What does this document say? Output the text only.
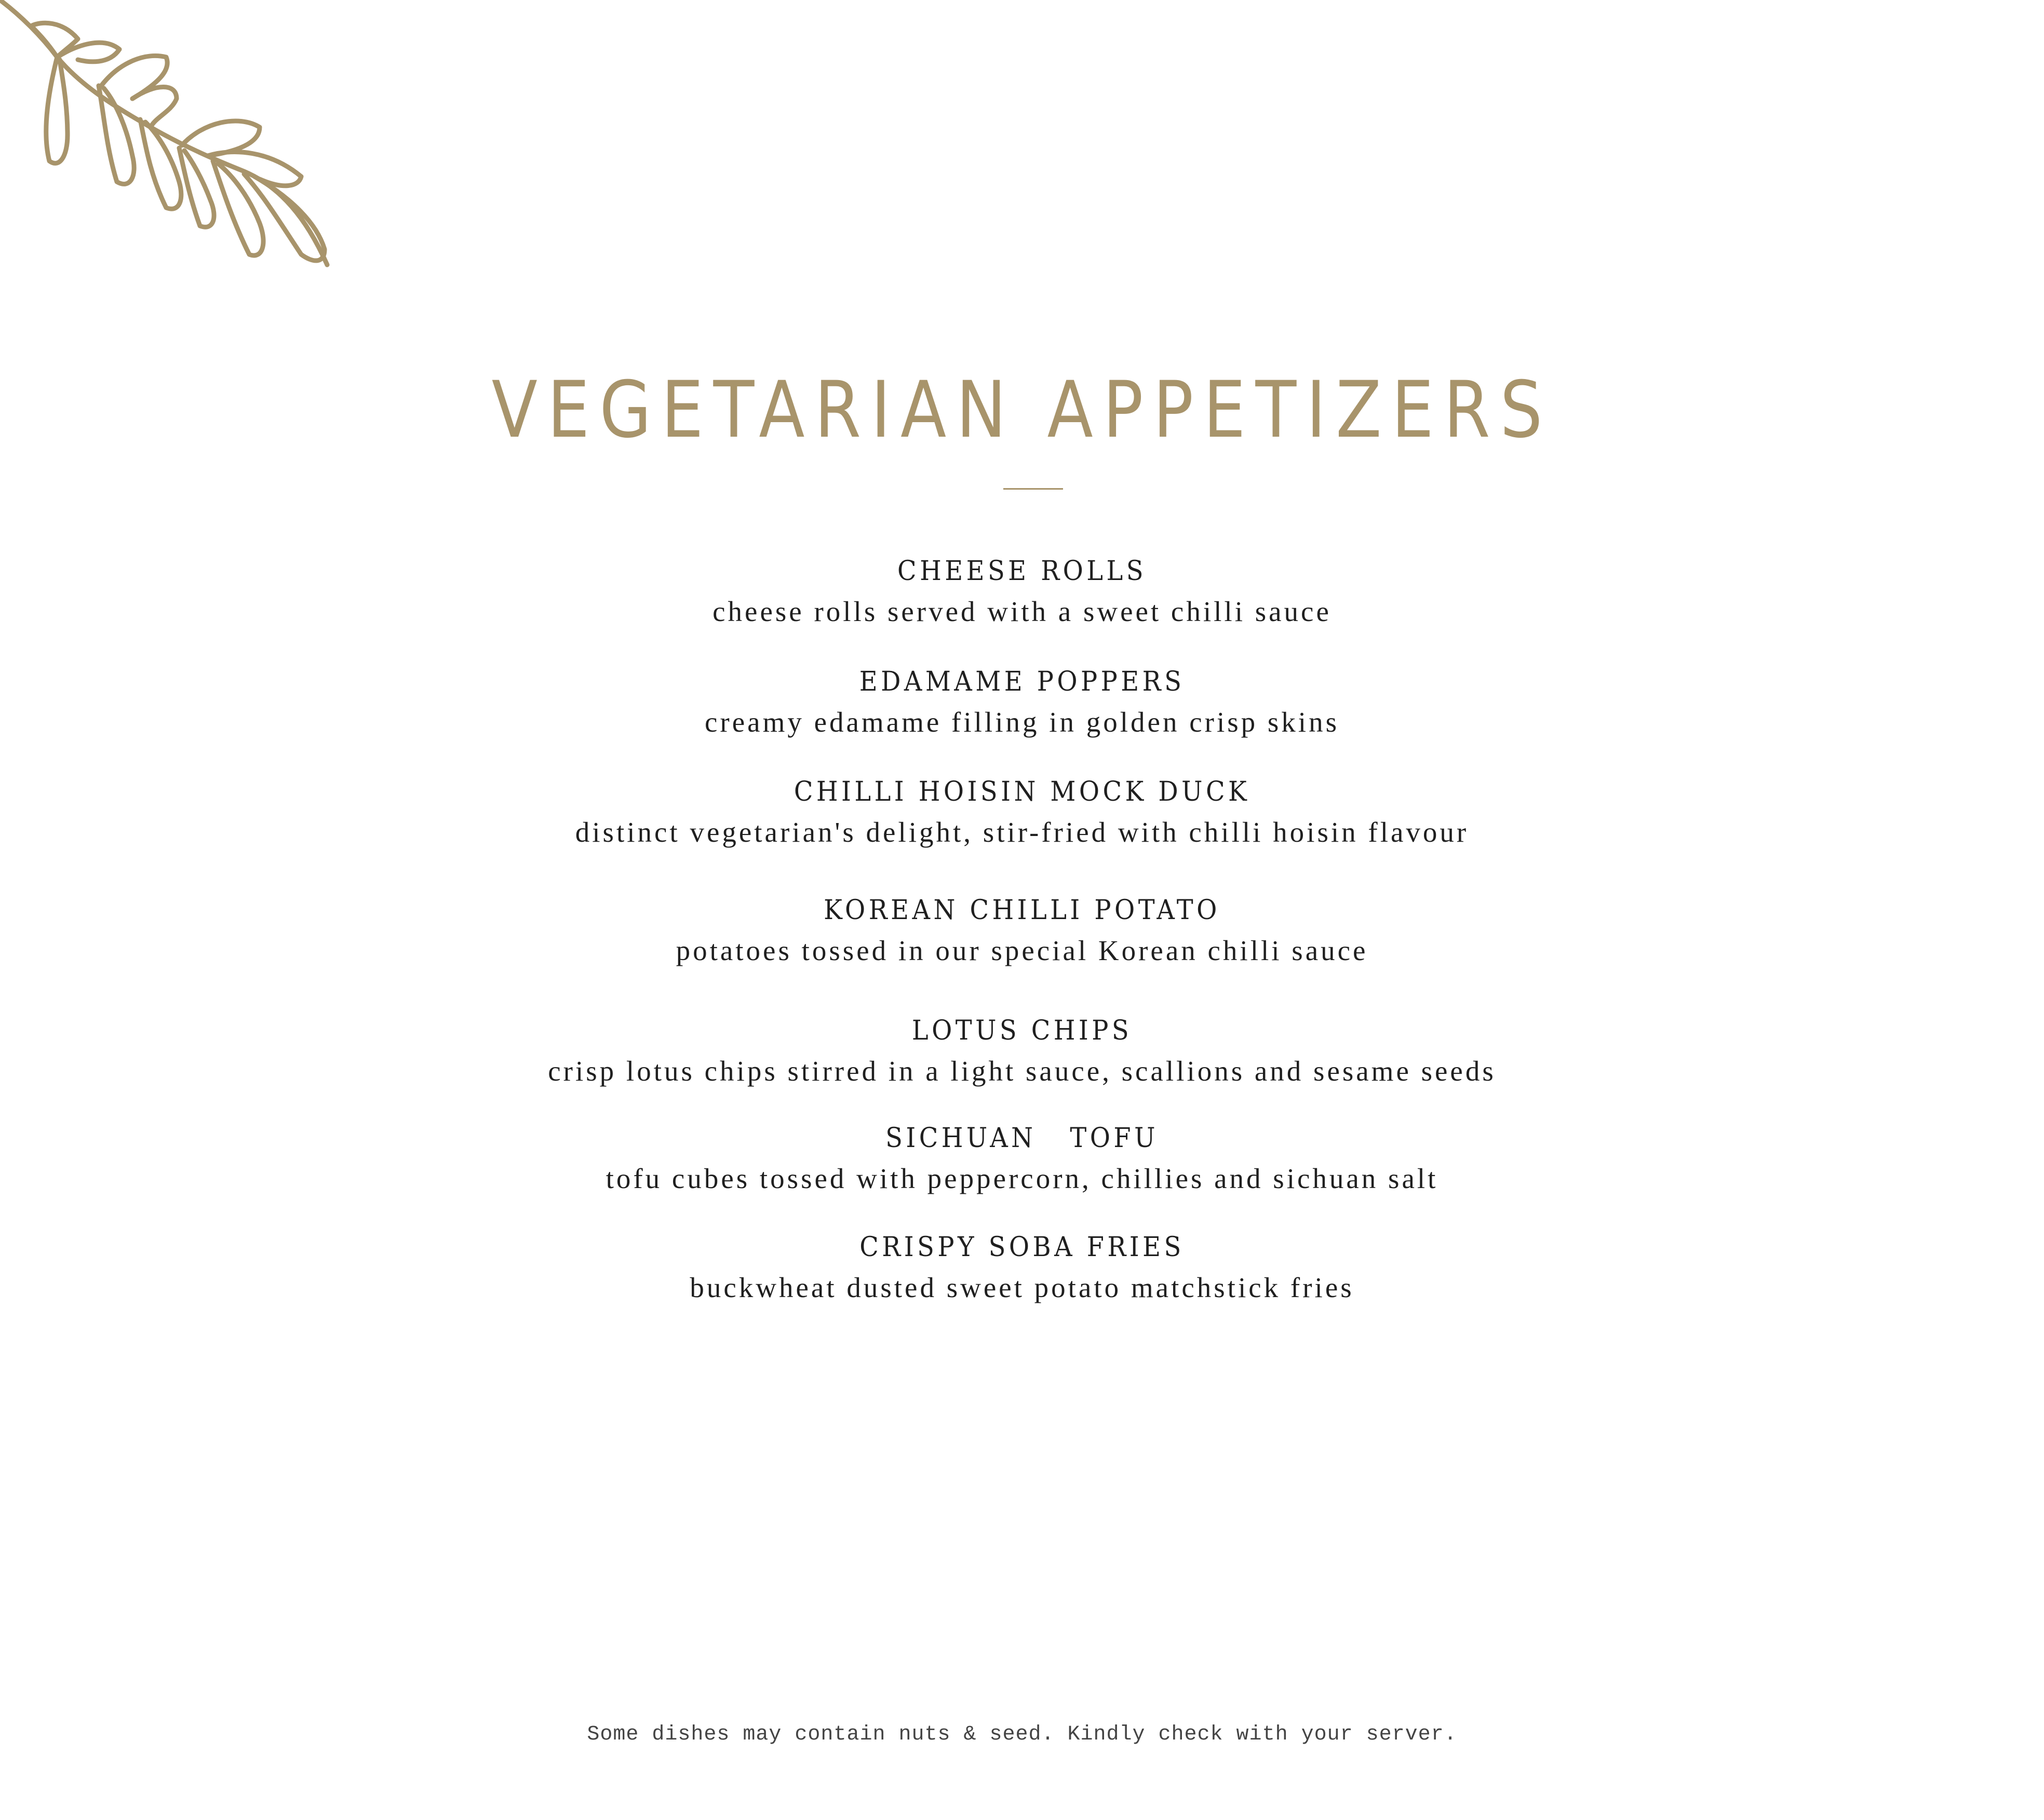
VEGETARIAN APPETIZERS
CHEESE ROLLS
cheese rolls served with a sweet chilli sauce
EDAMAME POPPERS
creamy edamame filling in golden crisp skins
CHILLI HOISIN MOCK DUCK
distinct vegetarian's delight, stir-fried with chilli hoisin flavour
KOREAN CHILLI POTATO
potatoes tossed in our special Korean chilli sauce
LOTUS CHIPS
crisp lotus chips stirred in a light sauce, scallions and sesame seeds
SICHUAN   TOFU
tofu cubes tossed with peppercorn, chillies and sichuan salt
CRISPY SOBA FRIES
buckwheat dusted sweet potato matchstick fries
Some dishes may contain nuts & seed. Kindly check with your server.
